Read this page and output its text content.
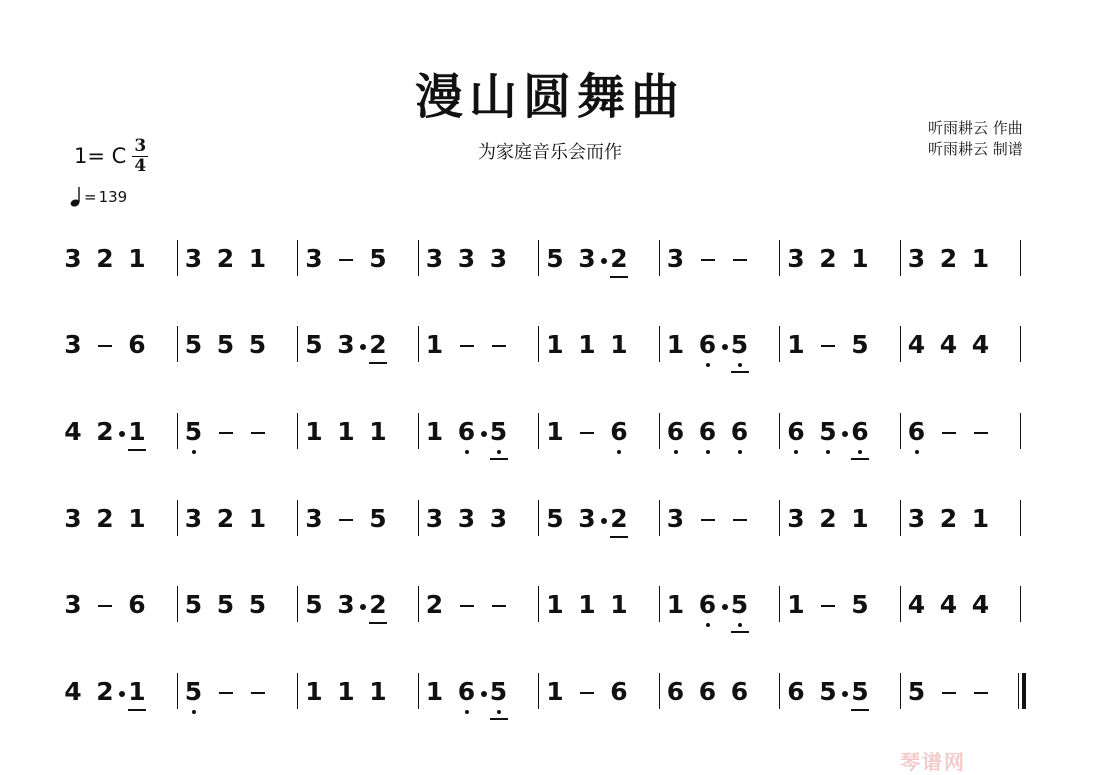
漫山圆舞曲
为家庭音乐会而作
听雨耕云 作曲
听雨耕云 制谱
1= C 3
4
= 139
3 2 1 3 2 1 3 5 3 3 3 5 3 2 3	3 2 1 3 2 1
3 6 5 5 5 5 3 2 1	1 1 1 1 6 5 1 5 4 4 4
4 2 1 5	1 1 1 1 6 5 1 6 6 6 6 6 5 6 6
3 2 1 3 2 1 3 5 3 3 3 5 3 2 3	3 2 1 3 2 1
3 6 5 5 5 5 3 2 2	1 1 1 1 6 5 1 5 4 4 4
4 2 1 5	1 1 1 1 6 5 1 6 6 6 6 6 5 5 5
琴谱网
